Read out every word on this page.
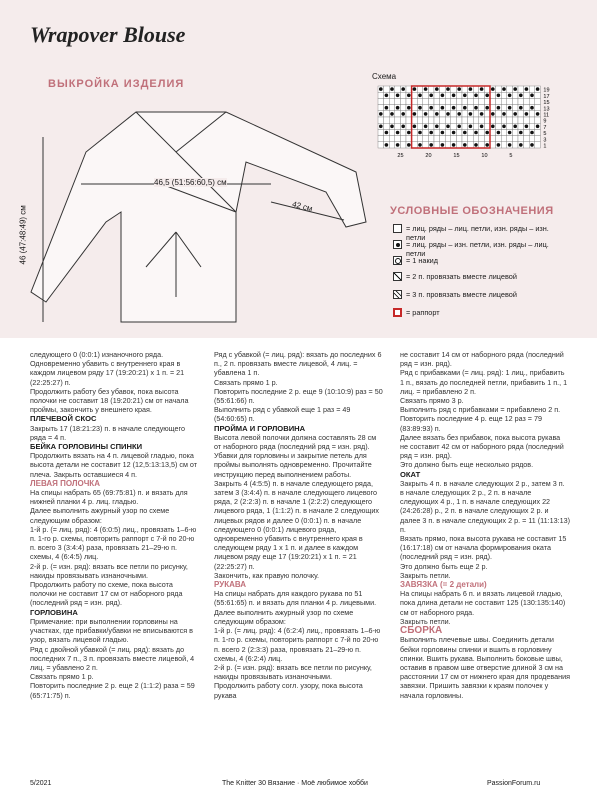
Wrapover Blouse
ВЫКРОЙКА ИЗДЕЛИЯ
46,5 (51:56:60,5) см
42 см
46 (47:48:49) см
Схема
19
17
15
13
11
9
7
5
3
1
25	20	15	10	5
УСЛОВНЫЕ ОБОЗНАЧЕНИЯ
= лиц. ряды – лиц. петли, изн. ряды – изн. петли
= лиц. ряды – изн. петли, изн. ряды – лиц. петли
= 1 накид
= 2 п. провязать вместе лицевой
= 3 п. провязать вместе лицевой
= раппорт

следующего 0 (0:0:1) изнаночного ряда.

Одновременно убавить с внутреннего края в каждом лицевом ряду 17 (19:20:21) х 1 п. = 21 (22:25:27) п.

Продолжить работу без убавок, пока высота полочки не составит 18 (19:20:21) см от начала проймы, закончить у внешнего края.

ПЛЕЧЕВОЙ СКОС

Закрыть 17 (18:21:23) п. в начале следующего ряда = 4 п.

БЕЙКА ГОРЛОВИНЫ СПИНКИ

Продолжить вязать на 4 п. лицевой гладью, пока высота детали не составит 12 (12,5:13:13,5) см от плеча. Закрыть оставшиеся 4 п.

ЛЕВАЯ ПОЛОЧКА

На спицы набрать 65 (69:75:81) п. и вязать для нижней планки 4 р. лиц. гладью.

Далее выполнить ажурный узор по схеме следующим образом:

1-й р. (= лиц. ряд): 4 (6:0:5) лиц., провязать 1–6-ю п. 1-го р. схемы, повторить раппорт с 7-й по 20-ю п. всего 3 (3:4:4) раза, провязать 21–29-ю п. схемы, 4 (6:4:5) лиц.

2-й р. (= изн. ряд): вязать все петли по рисунку, накиды провязывать изнаночными.

Продолжить работу по схеме, пока высота полочки не составит 17 см от наборного ряда (последний ряд = изн. ряд).

ГОРЛОВИНА

Примечание: при выполнении горловины на участках, где прибавки/убавки не вписываются в узор, вязать лицевой гладью.

Ряд с двойной убавкой (= лиц. ряд): вязать до последних 7 п., 3 п. провязать вместе лицевой, 4 лиц. = убавлено 2 п.

Связать прямо 1 р.

Повторить последние 2 р. еще 2 (1:1:2) раза = 59 (65:71:75) п.

Ряд с убавкой (= лиц. ряд): вязать до последних 6 п., 2 п. провязать вместе лицевой, 4 лиц. = убавлена 1 п.

Связать прямо 1 р.

Повторить последние 2 р. еще 9 (10:10:9) раз = 50 (55:61:66) п.

Выполнить ряд с убавкой еще 1 раз = 49 (54:60:65) п.

ПРОЙМА И ГОРЛОВИНА

Высота левой полочки должна составлять 28 см от наборного ряда (последний ряд = изн. ряд).

Убавки для горловины и закрытие петель для проймы выполнять одновременно. Прочитайте инструкцию перед выполнением работы.

Закрыть 4 (4:5:5) п. в начале следующего ряда, затем 3 (3:4:4) п. в начале следующего лицевого ряда, 2 (2:2:3) п. в начале 1 (2:2:2) следующего лицевого ряда, 1 (1:1:2) п. в начале 2 следующих лицевых рядов и далее 0 (0:0:1) п. в начале следующего 0 (0:0:1) лицевого ряда, одновременно убавить с внутреннего края в следующем ряду 1 х 1 п. и далее в каждом лицевом ряду еще 17 (19:20:21) х 1 п. = 21 (22:25:27) п.

Закончить, как правую полочку.

РУКАВА

На спицы набрать для каждого рукава по 51 (55:61:65) п. и вязать для планки 4 р. лицевыми.

Далее выполнить ажурный узор по схеме следующим образом:

1-й р. (= лиц. ряд): 4 (6:2:4) лиц., провязать 1–6-ю п. 1-го р. схемы, повторить раппорт с 7-й по 20-ю п. всего 2 (2:3:3) раза, провязать 21–29-ю п. схемы, 4 (6:2:4) лиц.

2-й р. (= изн. ряд): вязать все петли по рисунку, накиды провязывать изнаночными.

Продолжить работу согл. узору, пока высота рукава

не составит 14 см от наборного ряда (последний ряд = изн. ряд).

Ряд с прибавками (= лиц. ряд): 1 лиц., прибавить 1 п., вязать до последней петли, прибавить 1 п., 1 лиц. = прибавлено 2 п.

Связать прямо 3 р.

Выполнить ряд с прибавками = прибавлено 2 п.

Повторить последние 4 р. еще 12 раз = 79 (83:89:93) п.

Далее вязать без прибавок, пока высота рукава не составит 42 см от наборного ряда (последний ряд = изн. ряд).

Это должно быть еще несколько рядов.

ОКАТ

Закрыть 4 п. в начале следующих 2 р., затем 3 п. в начале следующих 2 р., 2 п. в начале следующих 4 р., 1 п. в начале следующих 22 (24:26:28) р., 2 п. в начале следующих 2 р. и далее 3 п. в начале следующих 2 р. = 11 (11:13:13) п.

Вязать прямо, пока высота рукава не составит 15 (16:17:18) см от начала формирования оката (последний ряд = изн. ряд).

Это должно быть еще 2 р.

Закрыть петли.

ЗАВЯЗКА (= 2 детали)

На спицы набрать 6 п. и вязать лицевой гладью, пока длина детали не составит 125 (130:135:140) см от наборного ряда.

Закрыть петли.

СБОРКА

Выполнить плечевые швы. Соединить детали бейки горловины спинки и вшить в горловину спинки. Вшить рукава. Выполнить боковые швы, оставив в правом шве отверстие длиной 3 см на расстоянии 17 см от нижнего края для продевания завязки. Пришить завязки к краям полочек у начала горловины.

5/2021	The Knitter 30 Вязание · Моё любимое хобби	PassionForum.ru
